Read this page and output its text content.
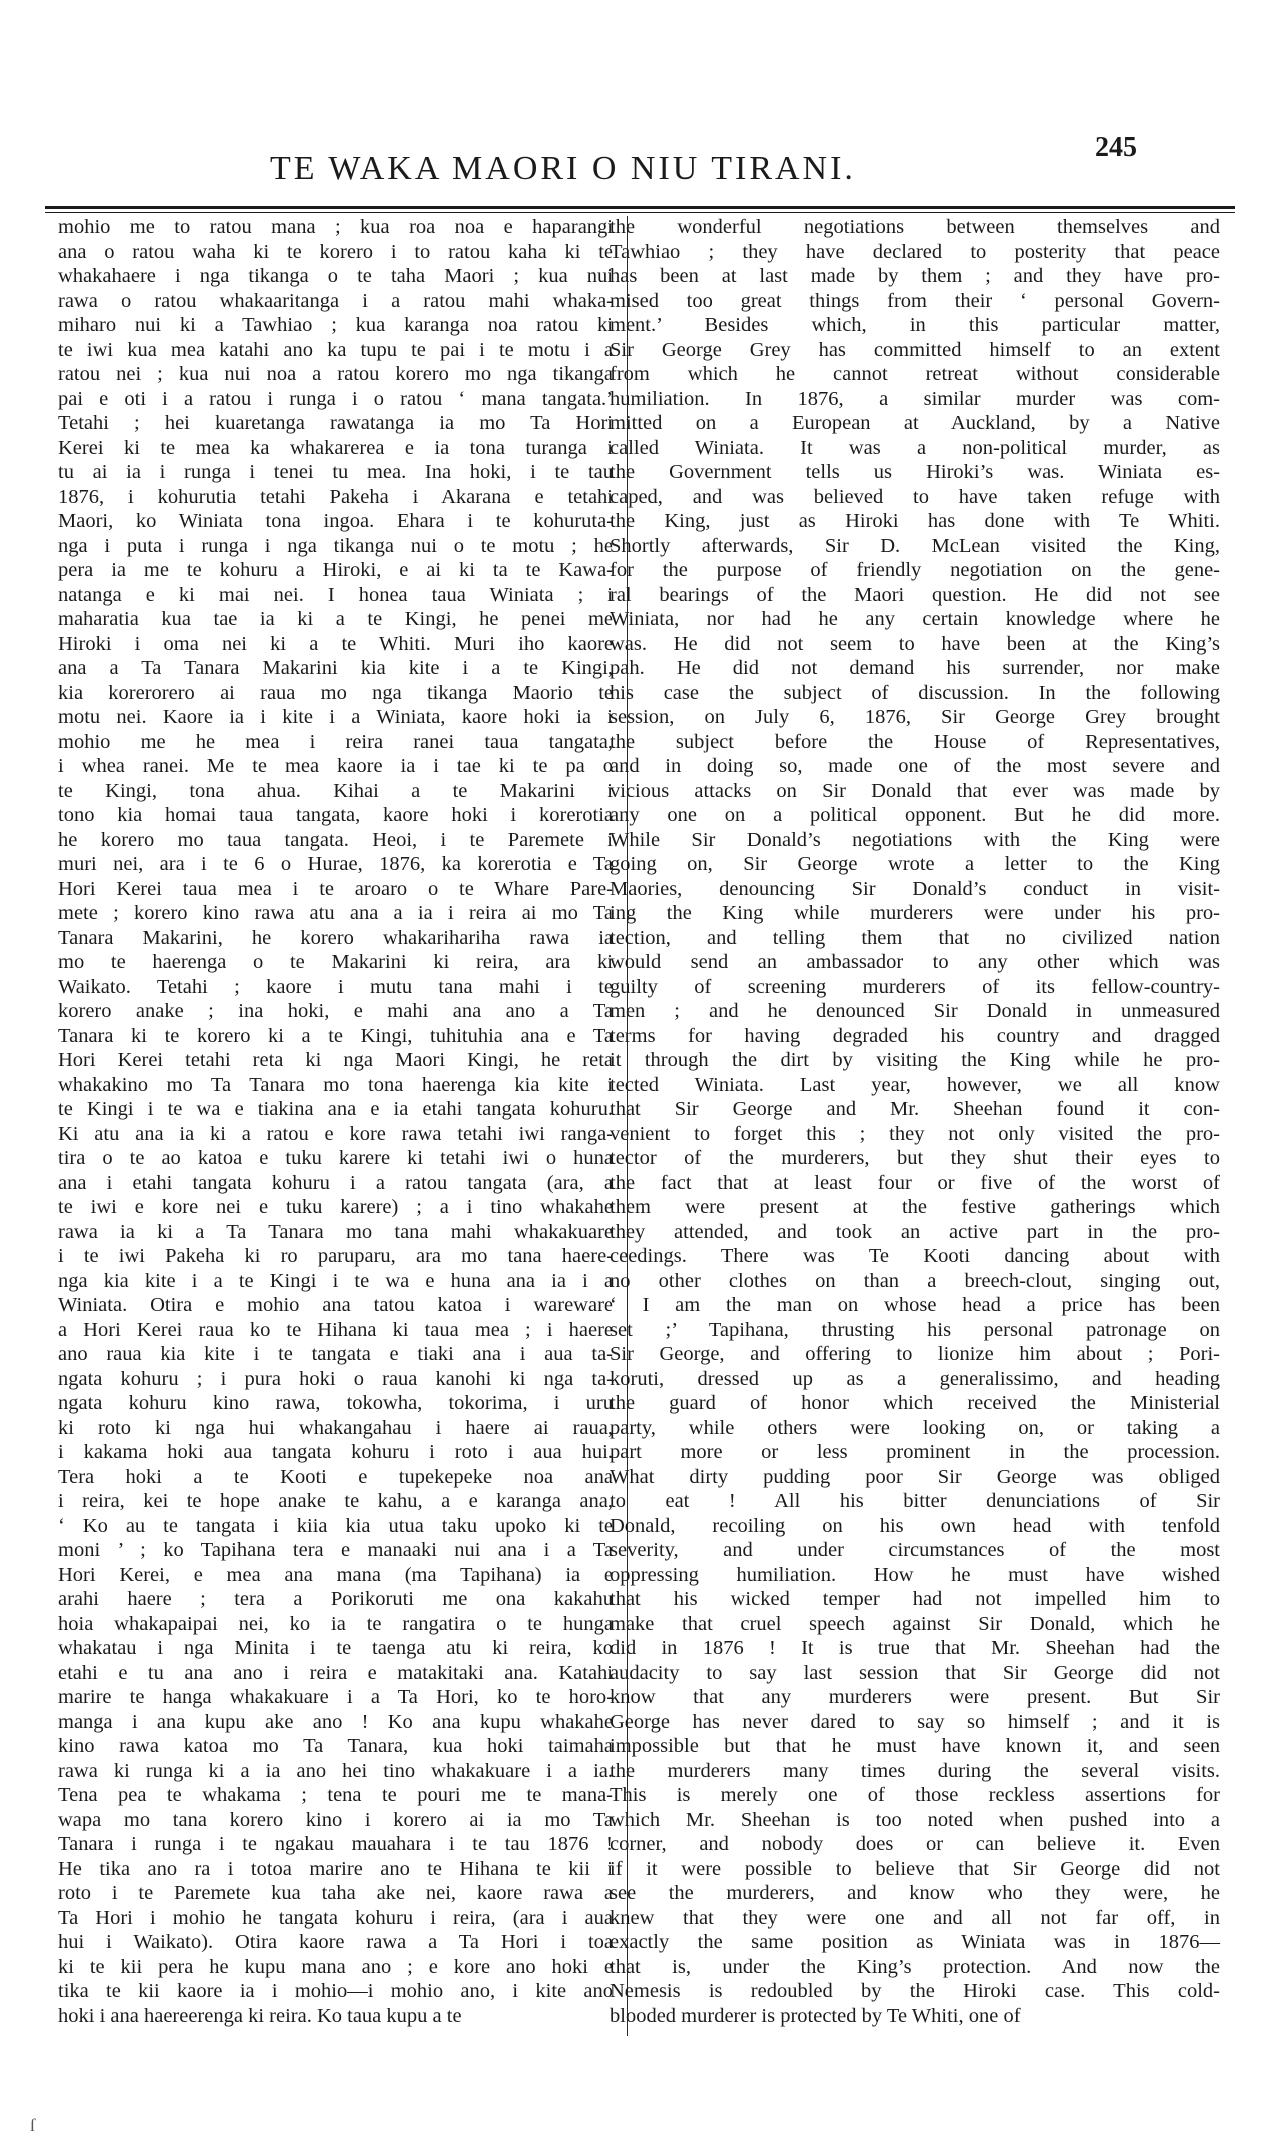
TE WAKA MAORI O NIU TIRANI.
245
mohio me to ratou mana ; kua roa noa e haparangi
ana o ratou waha ki te korero i to ratou kaha ki te
whakahaere i nga tikanga o te taha Maori ; kua nui
rawa o ratou whakaaritanga i a ratou mahi whaka-
miharo nui ki a Tawhiao ; kua karanga noa ratou ki
te iwi kua mea katahi ano ka tupu te pai i te motu i a
ratou nei ; kua nui noa a ratou korero mo nga tikanga
pai e oti i a ratou i runga i o ratou ‘ mana tangata.’
Tetahi ; hei kuaretanga rawatanga ia mo Ta Hori
Kerei ki te mea ka whakarerea e ia tona turanga i
tu ai ia i runga i tenei tu mea. Ina hoki, i te tau
1876, i kohurutia tetahi Pakeha i Akarana e tetahi
Maori, ko Winiata tona ingoa. Ehara i te kohuruta-
nga i puta i runga i nga tikanga nui o te motu ; he
pera ia me te kohuru a Hiroki, e ai ki ta te Kawa-
natanga e ki mai nei. I honea taua Winiata ; i
maharatia kua tae ia ki a te Kingi, he penei me
Hiroki i oma nei ki a te Whiti. Muri iho kaore
ana a Ta Tanara Makarini kia kite i a te Kingi,
kia korerorero ai raua mo nga tikanga Maorio te
motu nei. Kaore ia i kite i a Winiata, kaore hoki ia i
mohio me he mea i reira ranei taua tangata,
i whea ranei. Me te mea kaore ia i tae ki te pa o
te Kingi, tona ahua. Kihai a te Makarini i
tono kia homai taua tangata, kaore hoki i korerotia
he korero mo taua tangata. Heoi, i te Paremete i
muri nei, ara i te 6 o Hurae, 1876, ka korerotia e Ta
Hori Kerei taua mea i te aroaro o te Whare Pare-
mete ; korero kino rawa atu ana a ia i reira ai mo Ta
Tanara Makarini, he korero whakarihariha rawa ia
mo te haerenga o te Makarini ki reira, ara ki
Waikato. Tetahi ; kaore i mutu tana mahi i te
korero anake ; ina hoki, e mahi ana ano a Ta
Tanara ki te korero ki a te Kingi, tuhituhia ana e Ta
Hori Kerei tetahi reta ki nga Maori Kingi, he reta
whakakino mo Ta Tanara mo tona haerenga kia kite i
te Kingi i te wa e tiakina ana e ia etahi tangata kohuru.
Ki atu ana ia ki a ratou e kore rawa tetahi iwi ranga-
tira o te ao katoa e tuku karere ki tetahi iwi o huna
ana i etahi tangata kohuru i a ratou tangata (ara, a
te iwi e kore nei e tuku karere) ; a i tino whakahe
rawa ia ki a Ta Tanara mo tana mahi whakakuare
i te iwi Pakeha ki ro paruparu, ara mo tana haere-
nga kia kite i a te Kingi i te wa e huna ana ia i a
Winiata. Otira e mohio ana tatou katoa i wareware
a Hori Kerei raua ko te Hihana ki taua mea ; i haere
ano raua kia kite i te tangata e tiaki ana i aua ta-
ngata kohuru ; i pura hoki o raua kanohi ki nga ta-
ngata kohuru kino rawa, tokowha, tokorima, i uru
ki roto ki nga hui whakangahau i haere ai raua,
i kakama hoki aua tangata kohuru i roto i aua hui.
Tera hoki a te Kooti e tupekepeke noa ana
i reira, kei te hope anake te kahu, a e karanga ana,
‘ Ko au te tangata i kiia kia utua taku upoko ki te
moni ’ ; ko Tapihana tera e manaaki nui ana i a Ta
Hori Kerei, e mea ana mana (ma Tapihana) ia e
arahi haere ; tera a Porikoruti me ona kakahu
hoia whakapaipai nei, ko ia te rangatira o te hunga
whakatau i nga Minita i te taenga atu ki reira, ko
etahi e tu ana ano i reira e matakitaki ana. Katahi
marire te hanga whakakuare i a Ta Hori, ko te horo-
manga i ana kupu ake ano ! Ko ana kupu whakahe
kino rawa katoa mo Ta Tanara, kua hoki taimaha
rawa ki runga ki a ia ano hei tino whakakuare i a ia.
Tena pea te whakama ; tena te pouri me te mana-
wapa mo tana korero kino i korero ai ia mo Ta
Tanara i runga i te ngakau mauahara i te tau 1876 !
He tika ano ra i totoa marire ano te Hihana te kii i
roto i te Paremete kua taha ake nei, kaore rawa a
Ta Hori i mohio he tangata kohuru i reira, (ara i aua
hui i Waikato). Otira kaore rawa a Ta Hori i toa
ki te kii pera he kupu mana ano ; e kore ano hoki e
tika te kii kaore ia i mohio—i mohio ano, i kite ano
hoki i ana haereerenga ki reira. Ko taua kupu a te
the wonderful negotiations between themselves and
Tawhiao ; they have declared to posterity that peace
has been at last made by them ; and they have pro-
mised too great things from their ‘ personal Govern-
ment.’ Besides which, in this particular matter,
Sir George Grey has committed himself to an extent
from which he cannot retreat without considerable
humiliation. In 1876, a similar murder was com-
mitted on a European at Auckland, by a Native
called Winiata. It was a non-political murder, as
the Government tells us Hiroki’s was. Winiata es-
caped, and was believed to have taken refuge with
the King, just as Hiroki has done with Te Whiti.
Shortly afterwards, Sir D. McLean visited the King,
for the purpose of friendly negotiation on the gene-
ral bearings of the Maori question. He did not see
Winiata, nor had he any certain knowledge where he
was. He did not seem to have been at the King’s
pah. He did not demand his surrender, nor make
his case the subject of discussion. In the following
session, on July 6, 1876, Sir George Grey brought
the subject before the House of Representatives,
and in doing so, made one of the most severe and
vicious attacks on Sir Donald that ever was made by
any one on a political opponent. But he did more.
While Sir Donald’s negotiations with the King were
going on, Sir George wrote a letter to the King
Maories, denouncing Sir Donald’s conduct in visit-
ing the King while murderers were under his pro-
tection, and telling them that no civilized nation
would send an ambassador to any other which was
guilty of screening murderers of its fellow-country-
men ; and he denounced Sir Donald in unmeasured
terms for having degraded his country and dragged
it through the dirt by visiting the King while he pro-
tected Winiata. Last year, however, we all know
that Sir George and Mr. Sheehan found it con-
venient to forget this ; they not only visited the pro-
tector of the murderers, but they shut their eyes to
the fact that at least four or five of the worst of
them were present at the festive gatherings which
they attended, and took an active part in the pro-
ceedings. There was Te Kooti dancing about with
no other clothes on than a breech-clout, singing out,
‘ I am the man on whose head a price has been
set ;’ Tapihana, thrusting his personal patronage on
Sir George, and offering to lionize him about ; Pori-
koruti, dressed up as a generalissimo, and heading
the guard of honor which received the Ministerial
party, while others were looking on, or taking a
part more or less prominent in the procession.
What dirty pudding poor Sir George was obliged
to eat ! All his bitter denunciations of Sir
Donald, recoiling on his own head with tenfold
severity, and under circumstances of the most
oppressing humiliation. How he must have wished
that his wicked temper had not impelled him to
make that cruel speech against Sir Donald, which he
did in 1876 ! It is true that Mr. Sheehan had the
audacity to say last session that Sir George did not
know that any murderers were present. But Sir
George has never dared to say so himself ; and it is
impossible but that he must have known it, and seen
the murderers many times during the several visits.
This is merely one of those reckless assertions for
which Mr. Sheehan is too noted when pushed into a
corner, and nobody does or can believe it. Even
if it were possible to believe that Sir George did not
see the murderers, and know who they were, he
knew that they were one and all not far off, in
exactly the same position as Winiata was in 1876—
that is, under the King’s protection. And now the
Nemesis is redoubled by the Hiroki case. This cold-
blooded murderer is protected by Te Whiti, one of
ſ
